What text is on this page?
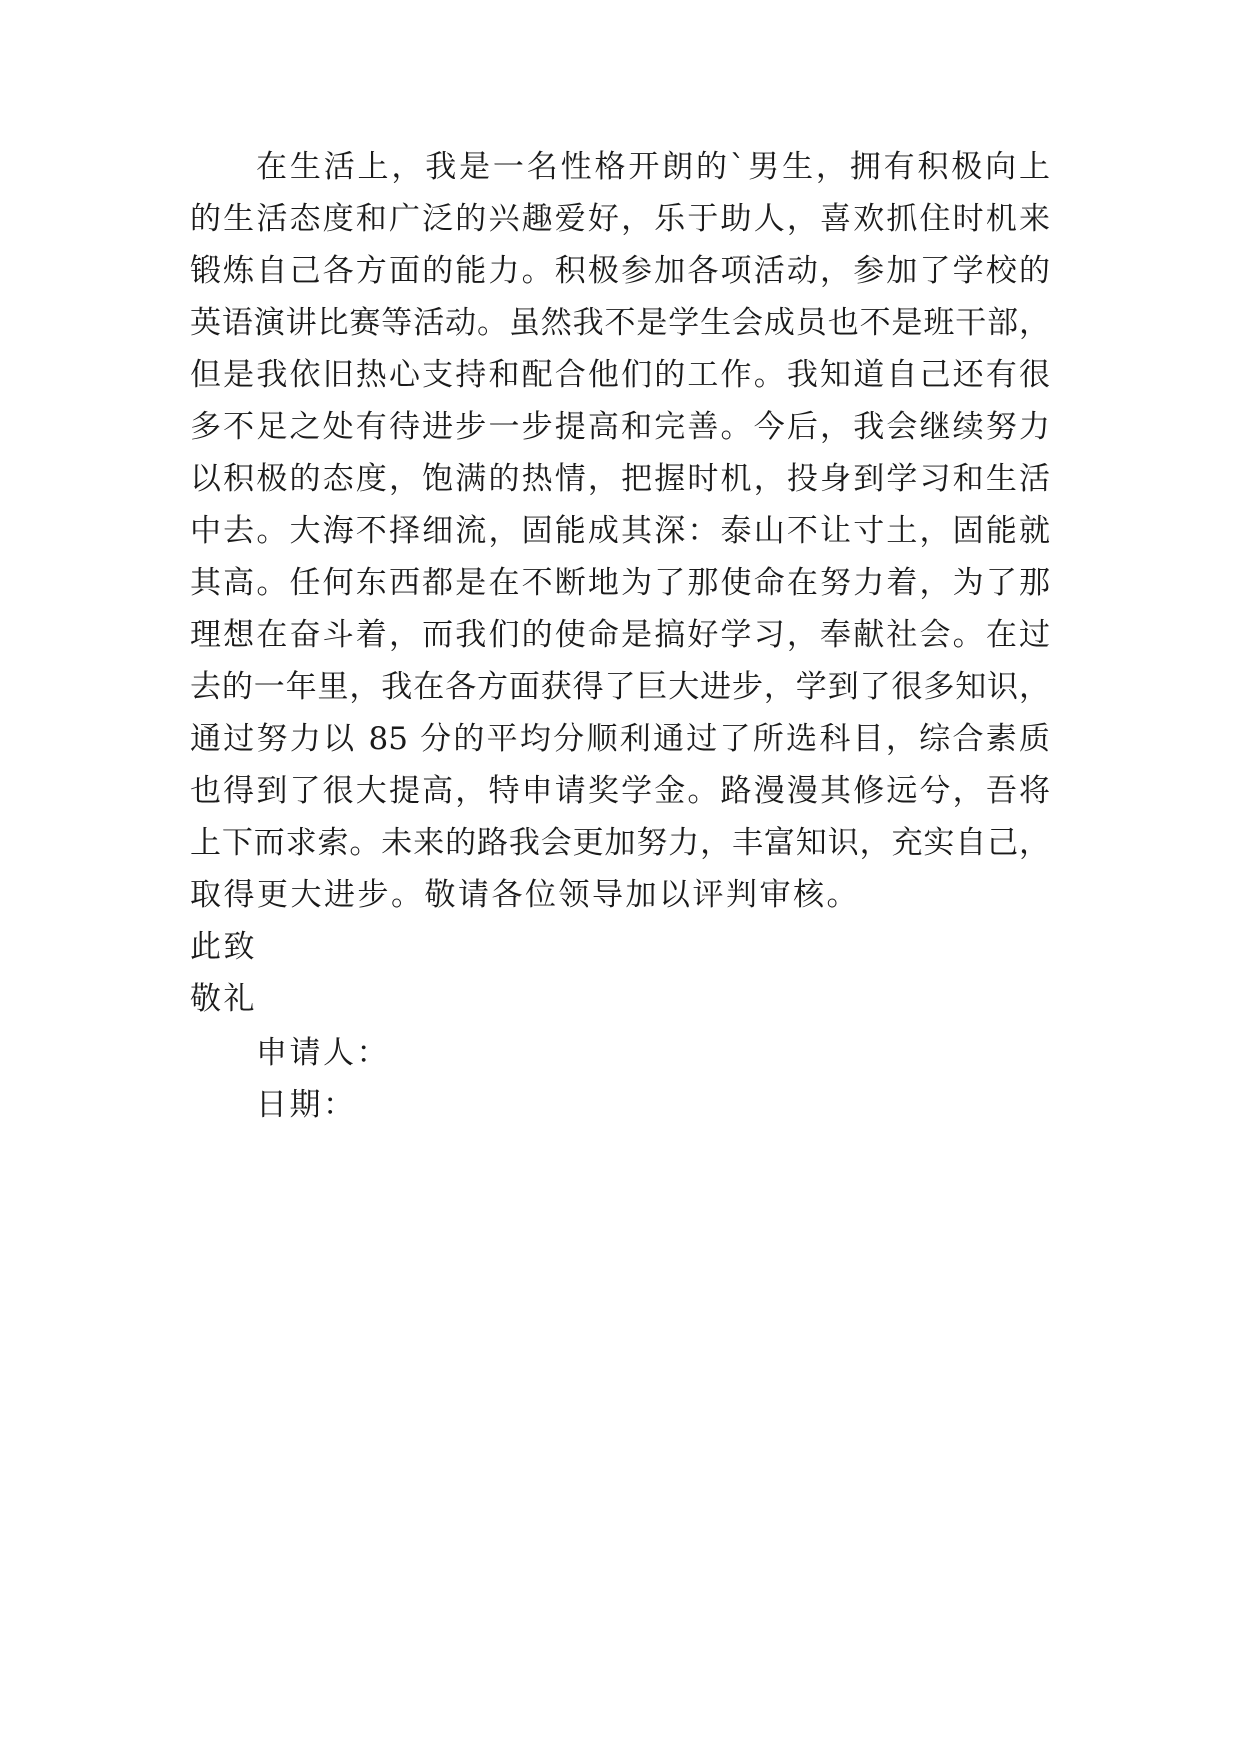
在生活上，我是一名性格开朗的`男生，拥有积极向上
的生活态度和广泛的兴趣爱好，乐于助人，喜欢抓住时机来
锻炼自己各方面的能力。积极参加各项活动，参加了学校的
英语演讲比赛等活动。虽然我不是学生会成员也不是班干部，
但是我依旧热心支持和配合他们的工作。我知道自己还有很
多不足之处有待进步一步提高和完善。今后，我会继续努力
以积极的态度，饱满的热情，把握时机，投身到学习和生活
中去。大海不择细流，固能成其深：泰山不让寸土，固能就
其高。任何东西都是在不断地为了那使命在努力着，为了那
理想在奋斗着，而我们的使命是搞好学习，奉献社会。在过
去的一年里，我在各方面获得了巨大进步，学到了很多知识，
通过努力以 85 分的平均分顺利通过了所选科目，综合素质
也得到了很大提高，特申请奖学金。路漫漫其修远兮，吾将
上下而求索。未来的路我会更加努力，丰富知识，充实自己，
取得更大进步。敬请各位领导加以评判审核。
此致
敬礼
申请人：
日期：
